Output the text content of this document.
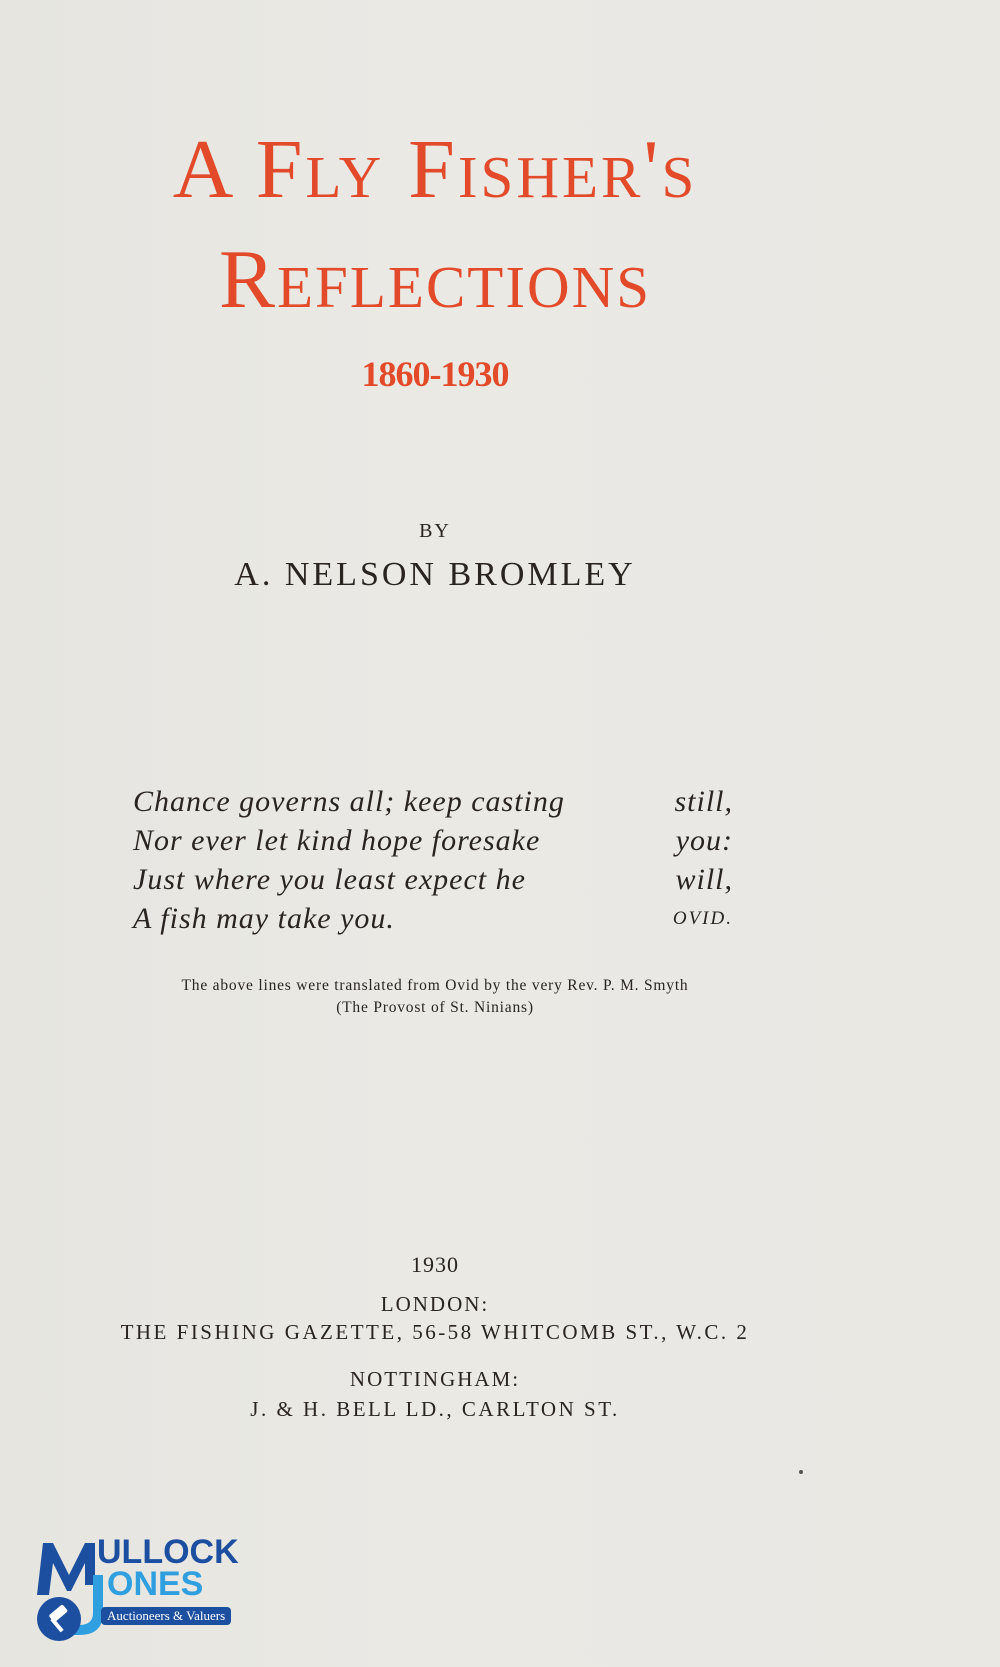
A Fly Fisher's
Reflections
1860-1930
BY
A. NELSON BROMLEY
Chance governs all; keep casting	still,
Nor ever let kind hope foresake	you:
Just where you least expect he	will,
A fish may take you.	OVID.
The above lines were translated from Ovid by the very Rev. P. M. Smyth
(The Provost of St. Ninians)
1930
LONDON:
THE FISHING GAZETTE, 56-58 WHITCOMB ST., W.C. 2
NOTTINGHAM:
J. & H. BELL LD., CARLTON ST.
ULLOCK
ONES
Auctioneers & Valuers
